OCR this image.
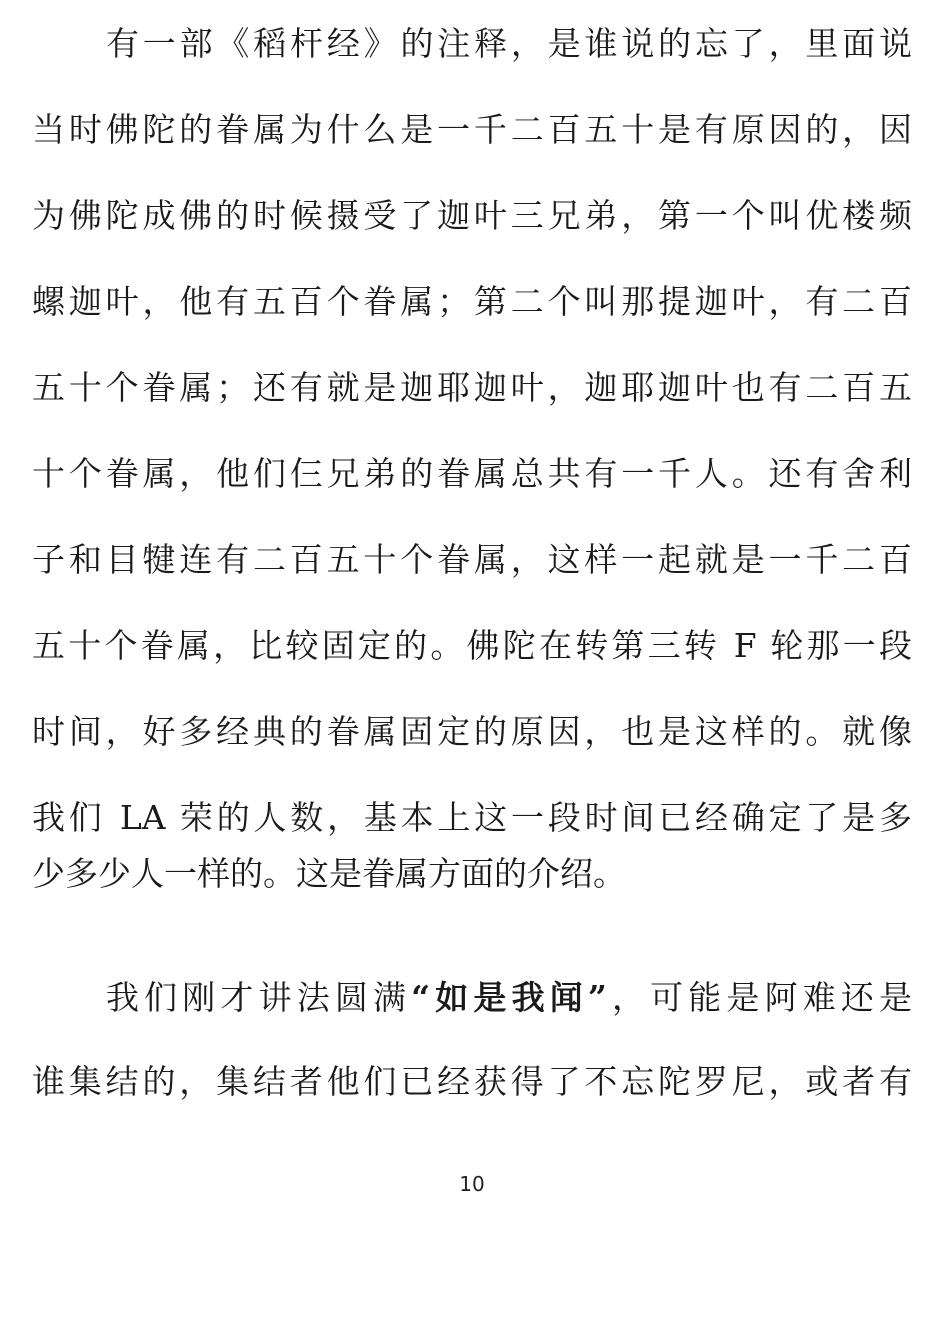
有一部《稻杆经》的注释，是谁说的忘了，里面说
当时佛陀的眷属为什么是一千二百五十是有原因的，因
为佛陀成佛的时候摄受了迦叶三兄弟，第一个叫优楼频
螺迦叶，他有五百个眷属；第二个叫那提迦叶，有二百
五十个眷属；还有就是迦耶迦叶，迦耶迦叶也有二百五
十个眷属，他们仨兄弟的眷属总共有一千人。还有舍利
子和目犍连有二百五十个眷属，这样一起就是一千二百
五十个眷属，比较固定的。佛陀在转第三转 F 轮那一段
时间，好多经典的眷属固定的原因，也是这样的。就像
我们 LA 荣的人数，基本上这一段时间已经确定了是多
少多少人一样的。这是眷属方面的介绍。
我们刚才讲法圆满“如是我闻”，可能是阿难还是
谁集结的，集结者他们已经获得了不忘陀罗尼，或者有
10
